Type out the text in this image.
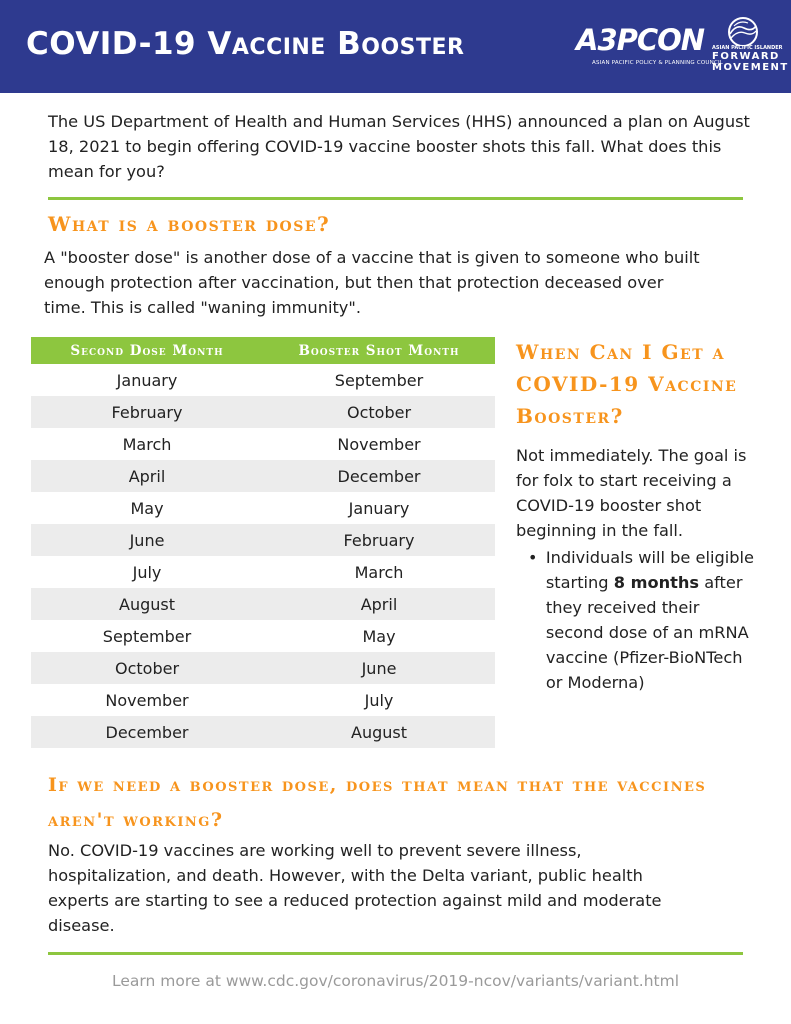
COVID-19 Vaccine Booster	A3PCON
ASIAN PACIFIC POLICY & PLANNING COUNCIL
ASIAN PACIFIC ISLANDER
FORWARD
MOVEMENT
The US Department of Health and Human Services (HHS) announced a plan on August 18, 2021 to begin offering COVID-19 vaccine booster shots this fall. What does this mean for you?
What is a booster dose?
A "booster dose" is another dose of a vaccine that is given to someone who built enough protection after vaccination, but then that protection deceased over time. This is called "waning immunity".
Second Dose Month	Booster Shot Month
January	September
February	October
March	November
April	December
May	January
June	February
July	March
August	April
September	May
October	June
November	July
December	August
When Can I Get a COVID-19 Vaccine Booster?
Not immediately. The goal is for folx to start receiving a COVID-19 booster shot beginning in the fall.
• Individuals will be eligible starting 8 months after they received their second dose of an mRNA vaccine (Pfizer-BioNTech or Moderna)
If we need a booster dose, does that mean that the vaccines aren't working?
No. COVID-19 vaccines are working well to prevent severe illness, hospitalization, and death. However, with the Delta variant, public health experts are starting to see a reduced protection against mild and moderate disease.
Learn more at www.cdc.gov/coronavirus/2019-ncov/variants/variant.html
